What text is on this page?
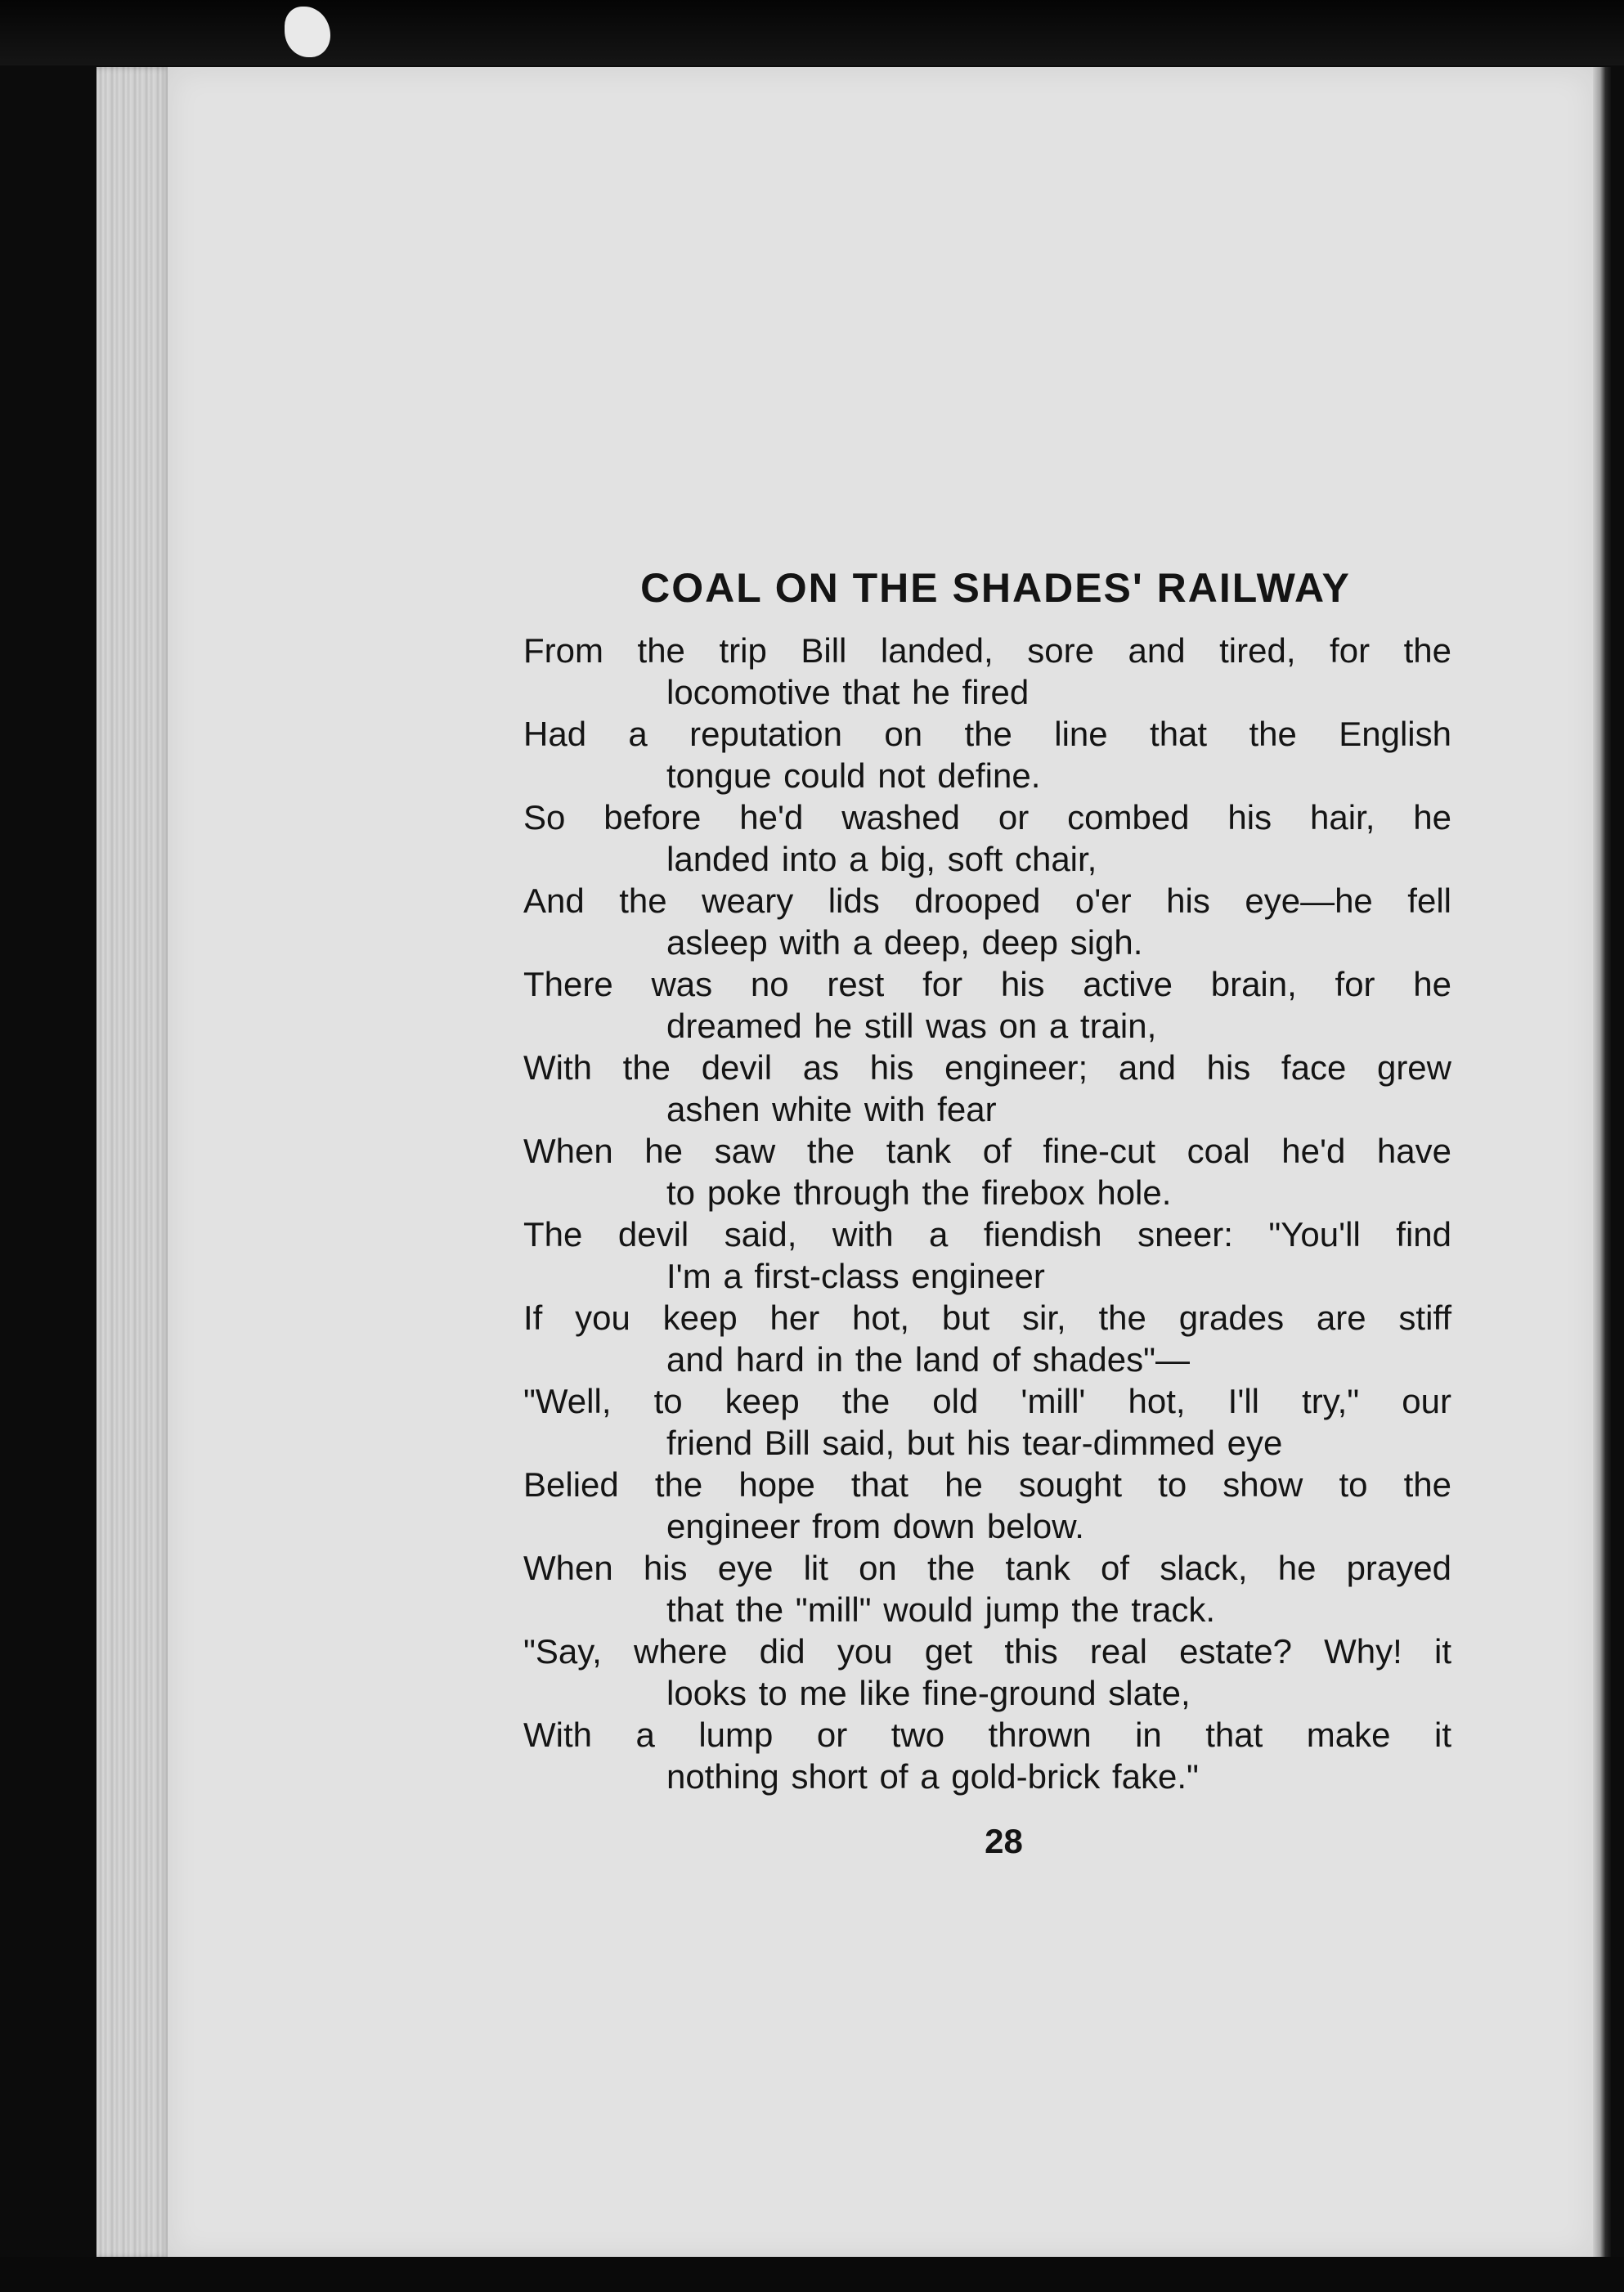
COAL ON THE SHADES' RAILWAY
From the trip Bill landed, sore and tired, for the
locomotive that he fired
Had a reputation on the line that the English
tongue could not define.
So before he'd washed or combed his hair, he
landed into a big, soft chair,
And the weary lids drooped o'er his eye—he fell
asleep with a deep, deep sigh.
There was no rest for his active brain, for he
dreamed he still was on a train,
With the devil as his engineer; and his face grew
ashen white with fear
When he saw the tank of fine-cut coal he'd have
to poke through the firebox hole.
The devil said, with a fiendish sneer: "You'll find
I'm a first-class engineer
If you keep her hot, but sir, the grades are stiff
and hard in the land of shades"—
"Well, to keep the old 'mill' hot, I'll try," our
friend Bill said, but his tear-dimmed eye
Belied the hope that he sought to show to the
engineer from down below.
When his eye lit on the tank of slack, he prayed
that the "mill" would jump the track.
"Say, where did you get this real estate? Why! it
looks to me like fine-ground slate,
With a lump or two thrown in that make it
nothing short of a gold-brick fake."
28
